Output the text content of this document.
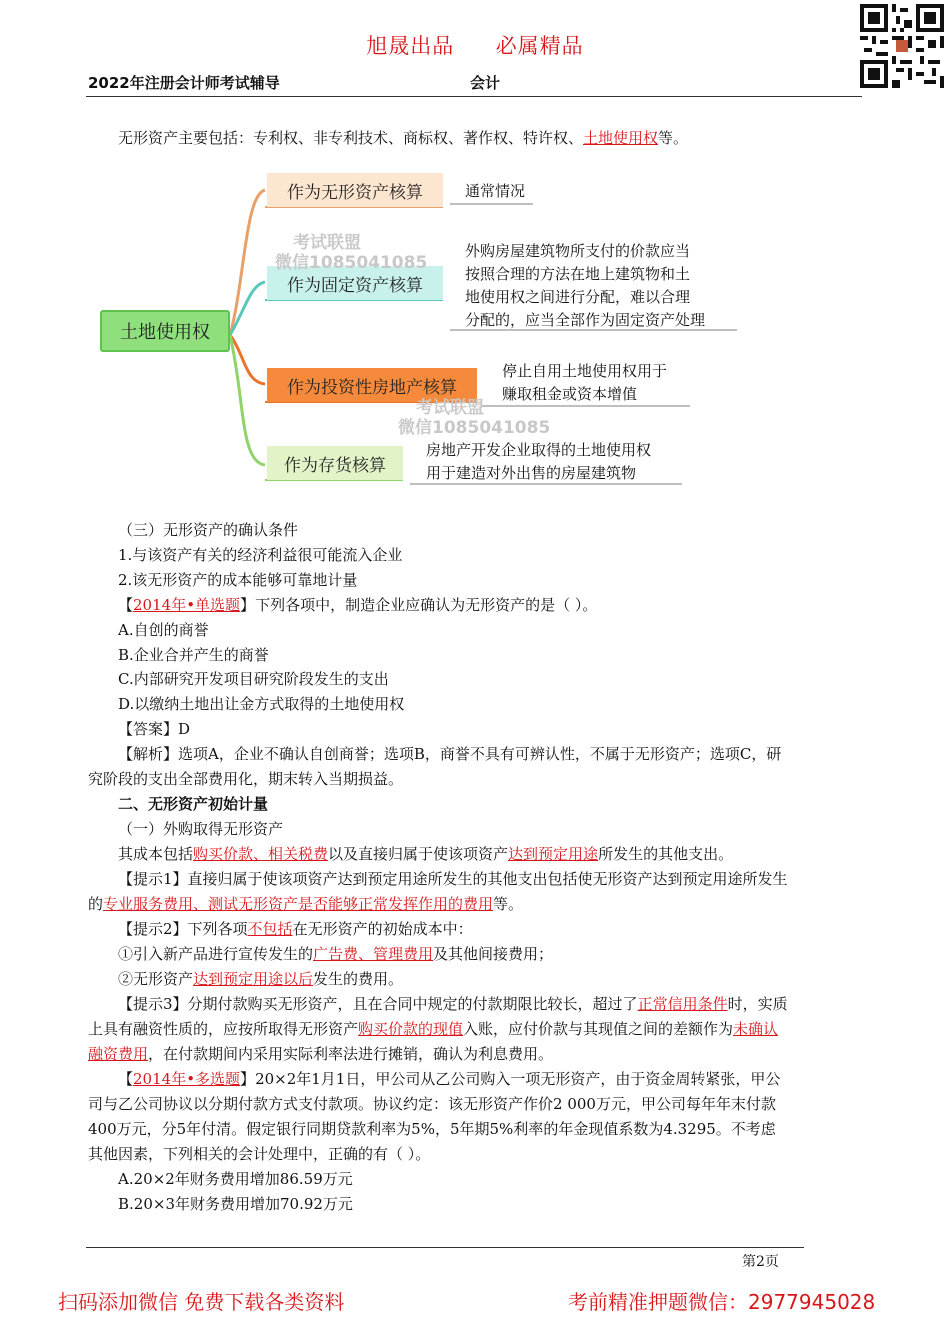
旭晟出品 必属精品
2022年注册会计师考试辅导	会计
无形资产主要包括：专利权、非专利技术、商标权、著作权、特许权、土地使用权等。
土地使用权
作为无形资产核算
作为固定资产核算
作为投资性房地产核算
作为存货核算
通常情况
外购房屋建筑物所支付的价款应当
按照合理的方法在地上建筑物和土
地使用权之间进行分配，难以合理
分配的，应当全部作为固定资产处理
停止自用土地使用权用于
赚取租金或资本增值
房地产开发企业取得的土地使用权
用于建造对外出售的房屋建筑物
考试联盟
微信1085041085
考试联盟
微信1085041085
（三）无形资产的确认条件
1.与该资产有关的经济利益很可能流入企业
2.该无形资产的成本能够可靠地计量
【2014年•单选题】下列各项中，制造企业应确认为无形资产的是（ ）。
A.自创的商誉
B.企业合并产生的商誉
C.内部研究开发项目研究阶段发生的支出
D.以缴纳土地出让金方式取得的土地使用权
【答案】D
【解析】选项A，企业不确认自创商誉；选项B，商誉不具有可辨认性，不属于无形资产；选项C，研
究阶段的支出全部费用化，期末转入当期损益。
二、无形资产初始计量
（一）外购取得无形资产
其成本包括购买价款、相关税费以及直接归属于使该项资产达到预定用途所发生的其他支出。
【提示1】直接归属于使该项资产达到预定用途所发生的其他支出包括使无形资产达到预定用途所发生
的专业服务费用、测试无形资产是否能够正常发挥作用的费用等。
【提示2】下列各项不包括在无形资产的初始成本中：
①引入新产品进行宣传发生的广告费、管理费用及其他间接费用；
②无形资产达到预定用途以后发生的费用。
【提示3】分期付款购买无形资产，且在合同中规定的付款期限比较长，超过了正常信用条件时，实质
上具有融资性质的，应按所取得无形资产购买价款的现值入账，应付价款与其现值之间的差额作为未确认
融资费用，在付款期间内采用实际利率法进行摊销，确认为利息费用。
【2014年•多选题】20×2年1月1日，甲公司从乙公司购入一项无形资产，由于资金周转紧张，甲公
司与乙公司协议以分期付款方式支付款项。协议约定：该无形资产作价2 000万元，甲公司每年年末付款
400万元，分5年付清。假定银行同期贷款利率为5%，5年期5%利率的年金现值系数为4.3295。不考虑
其他因素，下列相关的会计处理中，正确的有（ ）。
A.20×2年财务费用增加86.59万元
B.20×3年财务费用增加70.92万元
第2页
扫码添加微信 免费下载各类资料	考前精准押题微信：2977945028
